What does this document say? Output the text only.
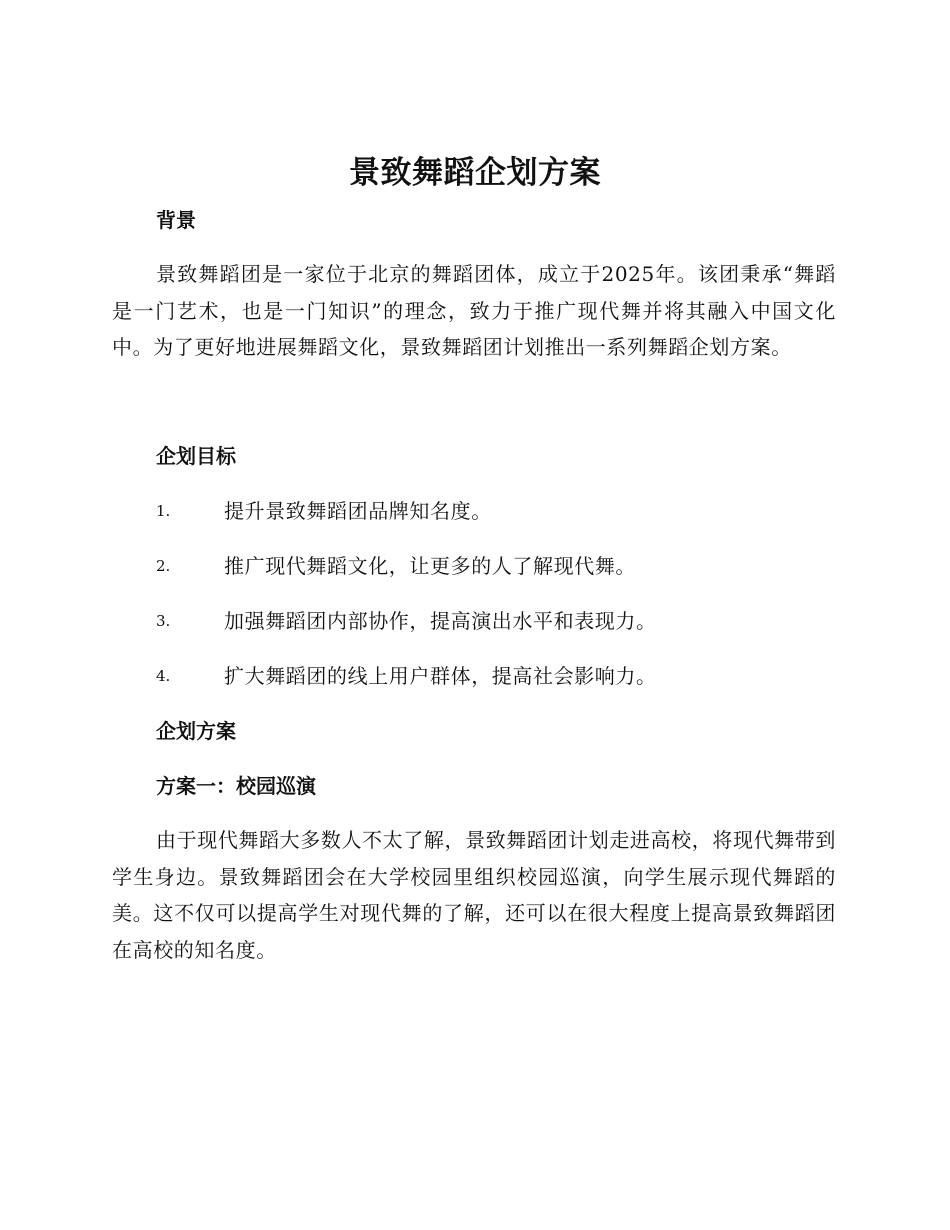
景致舞蹈企划方案
背景
景致舞蹈团是一家位于北京的舞蹈团体，成立于2025年。该团秉承“舞蹈是一门艺术，也是一门知识”的理念，致力于推广现代舞并将其融入中国文化中。为了更好地进展舞蹈文化，景致舞蹈团计划推出一系列舞蹈企划方案。
企划目标
1.	提升景致舞蹈团品牌知名度。
2.	推广现代舞蹈文化，让更多的人了解现代舞。
3.	加强舞蹈团内部协作，提高演出水平和表现力。
4.	扩大舞蹈团的线上用户群体，提高社会影响力。
企划方案
方案一：校园巡演
由于现代舞蹈大多数人不太了解，景致舞蹈团计划走进高校，将现代舞带到学生身边。景致舞蹈团会在大学校园里组织校园巡演，向学生展示现代舞蹈的美。这不仅可以提高学生对现代舞的了解，还可以在很大程度上提高景致舞蹈团在高校的知名度。
